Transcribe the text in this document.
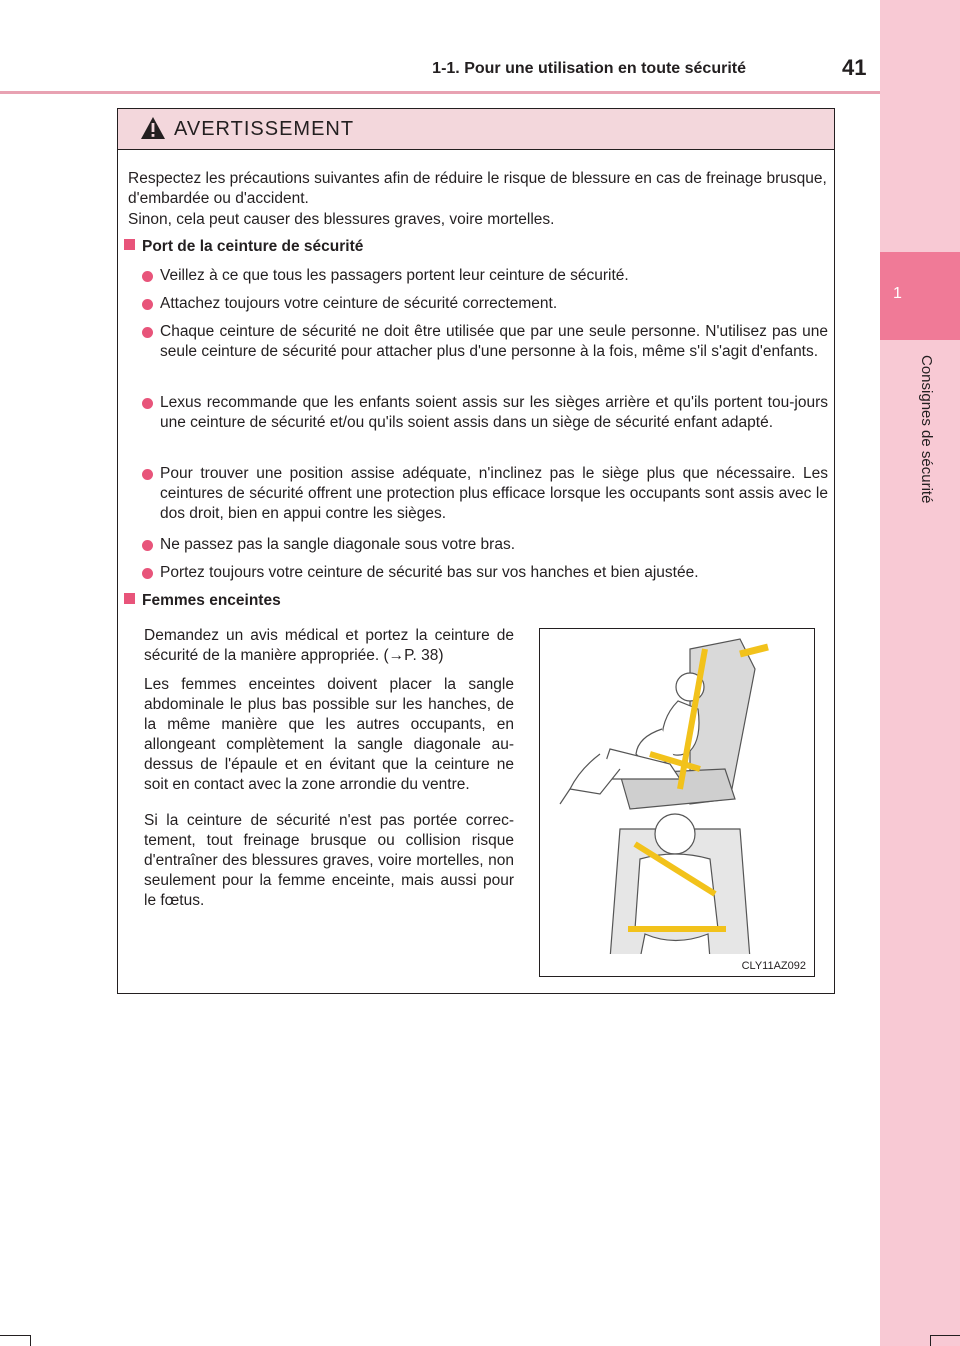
1-1. Pour une utilisation en toute sécurité	41
1
Consignes de sécurité
AVERTISSEMENT
Respectez les précautions suivantes afin de réduire le risque de blessure en cas de freinage brusque, d'embardée ou d'accident.
Sinon, cela peut causer des blessures graves, voire mortelles.
Port de la ceinture de sécurité
Veillez à ce que tous les passagers portent leur ceinture de sécurité.
Attachez toujours votre ceinture de sécurité correctement.
Chaque ceinture de sécurité ne doit être utilisée que par une seule personne. N'utilisez pas une seule ceinture de sécurité pour attacher plus d'une personne à la fois, même s'il s'agit d'enfants.
Lexus recommande que les enfants soient assis sur les sièges arrière et qu'ils portent tou-jours une ceinture de sécurité et/ou qu'ils soient assis dans un siège de sécurité enfant adapté.
Pour trouver une position assise adéquate, n'inclinez pas le siège plus que nécessaire. Les ceintures de sécurité offrent une protection plus efficace lorsque les occupants sont assis avec le dos droit, bien en appui contre les sièges.
Ne passez pas la sangle diagonale sous votre bras.
Portez toujours votre ceinture de sécurité bas sur vos hanches et bien ajustée.
Femmes enceintes
Demandez un avis médical et portez la ceinture de sécurité de la manière appropriée. (→P. 38)
Les femmes enceintes doivent placer la sangle abdominale le plus bas possible sur les hanches, de la même manière que les autres occupants, en allongeant complètement la sangle diagonale au-dessus de l'épaule et en évitant que la ceinture ne soit en contact avec la zone arrondie du ventre.
Si la ceinture de sécurité n'est pas portée correc-tement, tout freinage brusque ou collision risque d'entraîner des blessures graves, voire mortelles, non seulement pour la femme enceinte, mais aussi pour le fœtus.
CLY11AZ092
